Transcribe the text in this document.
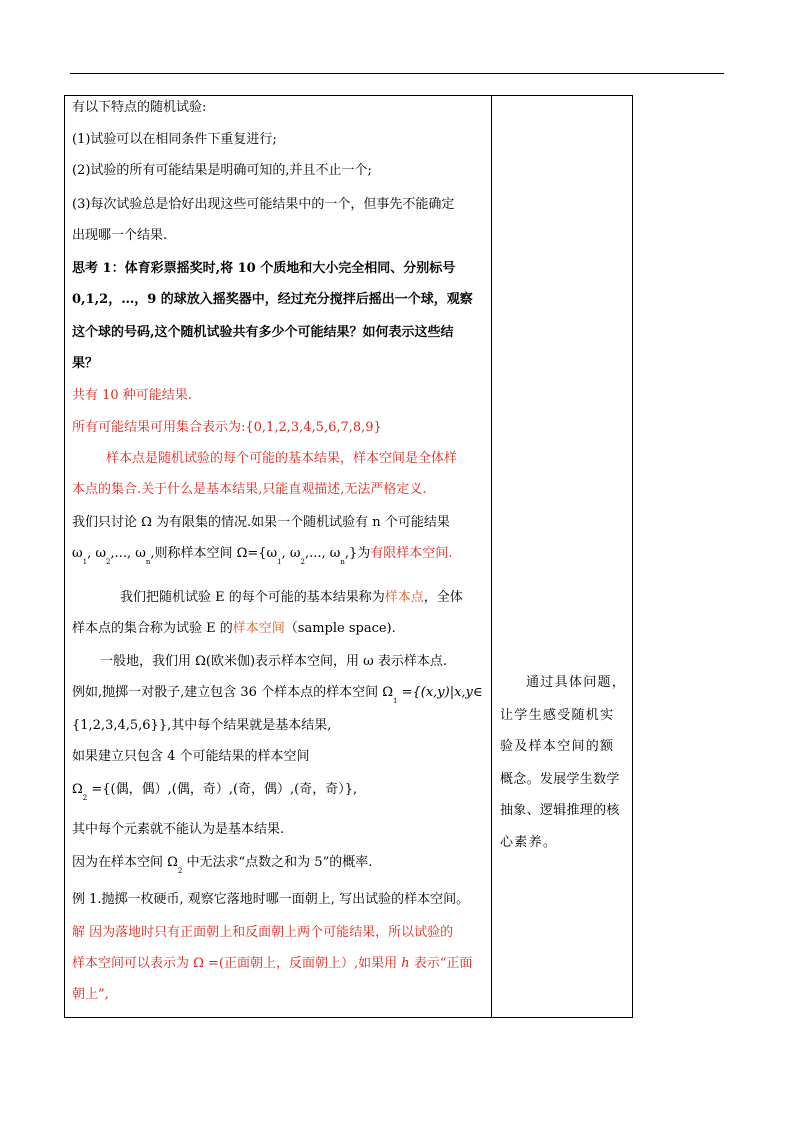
有以下特点的随机试验:
(1)试验可以在相同条件下重复进行;
(2)试验的所有可能结果是明确可知的,并且不止一个;
(3)每次试验总是恰好出现这些可能结果中的一个，但事先不能确定
出现哪一个结果.
思考 1：体育彩票摇奖时,将 10 个质地和大小完全相同、分别标号
0,1,2，…，9 的球放入摇奖器中，经过充分搅拌后摇出一个球，观察
这个球的号码,这个随机试验共有多少个可能结果？如何表示这些结
果？
共有 10 种可能结果.
所有可能结果可用集合表示为:{0,1,2,3,4,5,6,7,8,9}
样本点是随机试验的每个可能的基本结果，样本空间是全体样
本点的集合.关于什么是基本结果,只能直观描述,无法严格定义.
我们只讨论 Ω 为有限集的情况.如果一个随机试验有 n 个可能结果
$\omega_1$, $\omega_2$,..., $\omega_n$,则称样本空间 $\Omega=\{\omega_1$, $\omega_2$,..., $\omega_n$,}为有限样本空间.
我们把随机试验 E 的每个可能的基本结果称为样本点，全体
样本点的集合称为试验 E 的样本空间（sample space).
一般地，我们用 Ω(欧米伽)表示样本空间，用 ω 表示样本点.
例如,抛掷一对骰子,建立包含 36 个样本点的样本空间 $\Omega_1$ ={(x,y)|x,y∈
{1,2,3,4,5,6}},其中每个结果就是基本结果,
如果建立只包含 4 个可能结果的样本空间
$\Omega_2$ ={(偶，偶）,(偶，奇）,(奇，偶）,(奇，奇）},
其中每个元素就不能认为是基本结果.
因为在样本空间 $\Omega_2$ 中无法求“点数之和为 5”的概率.
例 1.抛掷一枚硬币, 观察它落地时哪一面朝上, 写出试验的样本空间。
解 因为落地时只有正面朝上和反面朝上两个可能结果，所以试验的
样本空间可以表示为 Ω =(正面朝上，反面朝上）,如果用 h 表示“正面
朝上”,
通过具体问题，
让学生感受随机实
验及样本空间的额
概念。发展学生数学
抽象、逻辑推理的核
心素养。
